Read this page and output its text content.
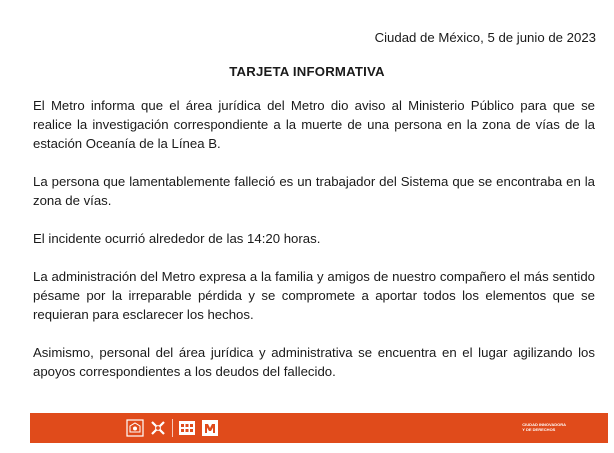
Ciudad de México, 5 de junio de 2023
TARJETA INFORMATIVA

El Metro informa que el área jurídica del Metro dio aviso al Ministerio Público para que se realice la investigación correspondiente a la muerte de una persona en la zona de vías de la estación Oceanía de la Línea B.

La persona que lamentablemente falleció es un trabajador del Sistema que se encontraba en la zona de vías.

El incidente ocurrió alrededor de las 14:20 horas.

La administración del Metro expresa a la familia y amigos de nuestro compañero el más sentido pésame por la irreparable pérdida y se compromete a aportar todos los elementos que se requieran para esclarecer los hechos.

Asimismo, personal del área jurídica y administrativa se encuentra en el lugar agilizando los apoyos correspondientes a los deudos del fallecido.

CIUDAD INNOVADORA
Y DE DERECHOS
